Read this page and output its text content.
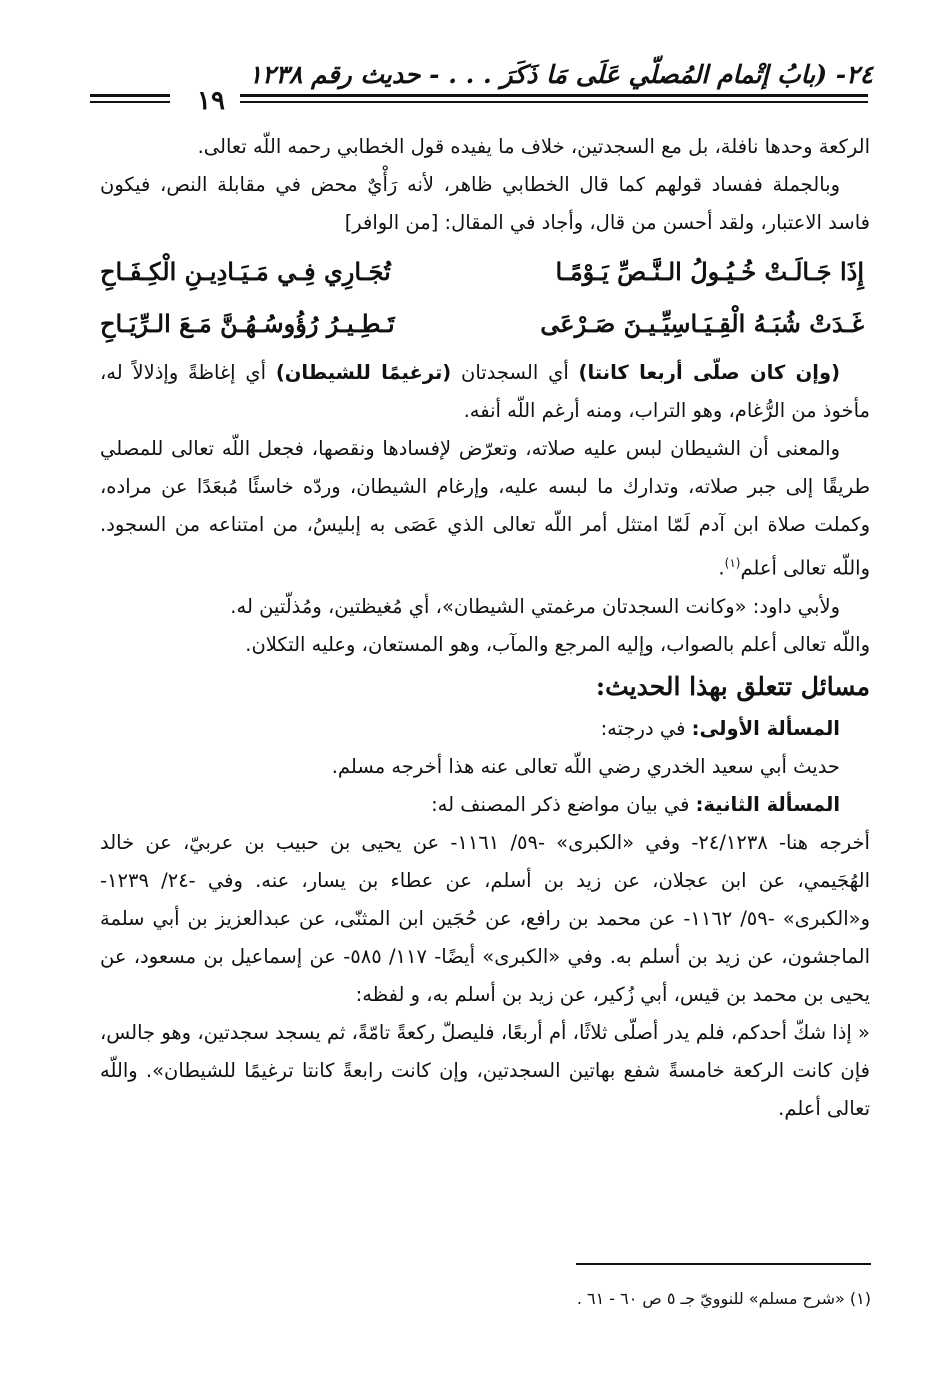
٢٤- (بابُ إتْمام المُصلّي عَلَى مَا ذَكَرَ . . . - حديث رقم ١٢٣٨
١٩

الركعة وحدها نافلة، بل مع السجدتين، خلاف ما يفيده قول الخطابي رحمه اللّه تعالى.

وبالجملة ففساد قولهم كما قال الخطابي ظاهر، لأنه رَأْيٌ محض في مقابلة النص، فيكون فاسد الاعتبار، ولقد أحسن من قال، وأجاد في المقال: [من الوافر]

إِذَا جَـالَـتْ خُـيُـولُ الـنَّـصِّ يَـوْمًـا
تُجَـارِي فِـي مَـيَـادِيـنِ الْكِـفَـاحِ
غَـدَتْ شُبَـهُ الْقِـيَـاسِيِّـيـنَ صَـرْعَى
تَـطِـيـرُ رُؤُوسُـهُـنَّ مَـعَ الـرِّيَـاحِ

(وإن كان صلّى أربعا كانتا) أي السجدتان (ترغيمًا للشيطان) أي إغاظةً وإذلالاً له، مأخوذ من الرُّغام، وهو التراب، ومنه أرغم اللّه أنفه.

والمعنى أن الشيطان لبس عليه صلاته، وتعرّض لإفسادها ونقصها، فجعل اللّه تعالى للمصلي طريقًا إلى جبر صلاته، وتدارك ما لبسه عليه، وإرغام الشيطان، وردّه خاسئًا مُبعَدًا عن مراده، وكملت صلاة ابن آدم لَمّا امتثل أمر اللّه تعالى الذي عَصَى به إبليسُ، من امتناعه من السجود. واللّه تعالى أعلم$^{(١)}$.

ولأبي داود: «وكانت السجدتان مرغمتي الشيطان»، أي مُغيظتين، ومُذلّتين له.

واللّه تعالى أعلم بالصواب، وإليه المرجع والمآب، وهو المستعان، وعليه التكلان.

مسائل تتعلق بهذا الحديث:

المسألة الأولى: في درجته:

حديث أبي سعيد الخدري رضي اللّه تعالى عنه هذا أخرجه مسلم.

المسألة الثانية: في بيان مواضع ذكر المصنف له:

أخرجه هنا- ٢٤/١٢٣٨- وفي «الكبرى» -٥٩/ ١١٦١- عن يحيى بن حبيب بن عربيّ، عن خالد الهُجَيمي، عن ابن عجلان، عن زيد بن أسلم، عن عطاء بن يسار، عنه. وفي -٢٤/ ١٢٣٩- و«الكبرى» -٥٩/ ١١٦٢- عن محمد بن رافع، عن حُجَين ابن المثنّى، عن عبدالعزيز بن أبي سلمة الماجشون، عن زيد بن أسلم به. وفي «الكبرى» أيضًا- ١١٧/ ٥٨٥- عن إسماعيل بن مسعود، عن يحيى بن محمد بن قيس، أبي زُكير، عن زيد بن أسلم به، و لفظه:

« إذا شكّ أحدكم، فلم يدر أصلّى ثلاثًا، أم أربعًا، فليصلّ ركعةً تامّةً، ثم يسجد سجدتين، وهو جالس، فإن كانت الركعة خامسةً شفع بهاتين السجدتين، وإن كانت رابعةً كانتا ترغيمًا للشيطان». واللّه تعالى أعلم.

(١) «شرح مسلم» للنوويّ جـ ٥ ص ٦٠ - ٦١ .
